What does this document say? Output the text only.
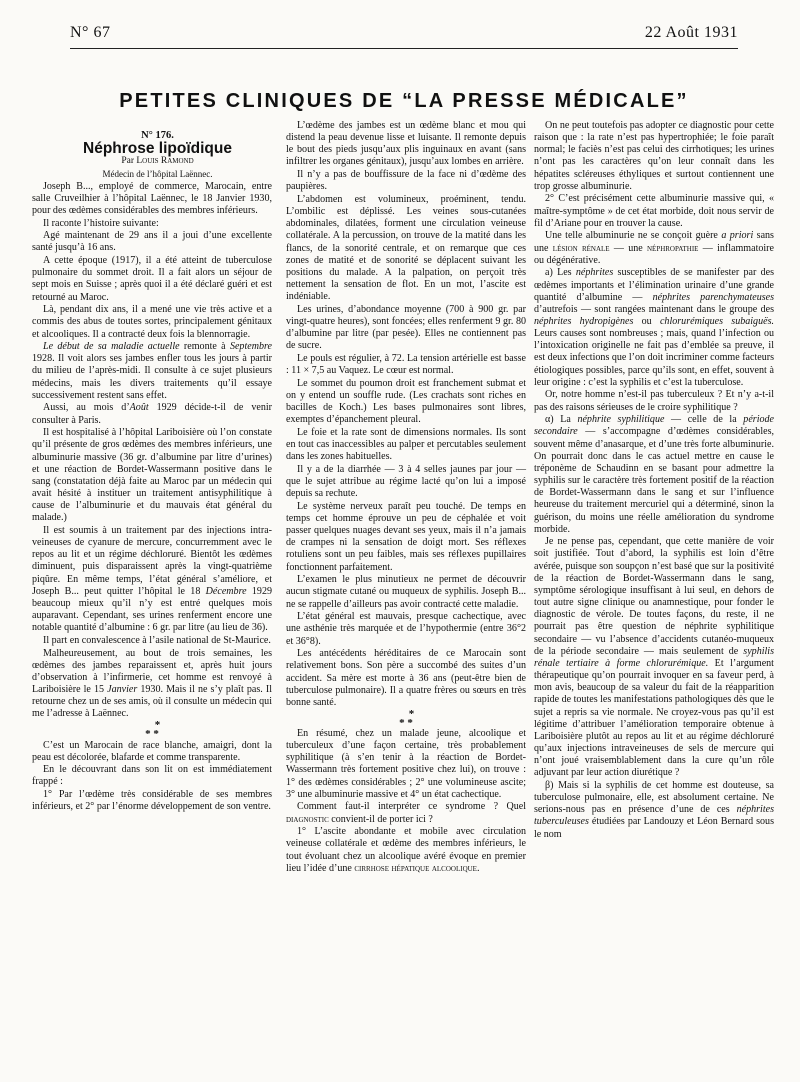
N° 67	22 Août 1931
PETITES CLINIQUES DE “LA PRESSE MÉDICALE”

N° 176.

Néphrose lipoïdique

Par Louis Ramond

Médecin de l’hôpital Laënnec.

Joseph B..., employé de commerce, Marocain, entre salle Cruveilhier à l’hôpital Laënnec, le 18 Janvier 1930, pour des œdèmes considérables des membres inférieurs.

Il raconte l’histoire suivante:

Agé maintenant de 29 ans il a joui d’une excellente santé jusqu’à 16 ans.

A cette époque (1917), il a été atteint de tuberculose pulmonaire du sommet droit. Il a fait alors un séjour de sept mois en Suisse ; après quoi il a été déclaré guéri et est retourné au Maroc.

Là, pendant dix ans, il a mené une vie très active et a commis des abus de toutes sortes, principalement génitaux et alcooliques. Il a contracté deux fois la blennorragie.

Le début de sa maladie actuelle remonte à Septembre 1928. Il voit alors ses jambes enfler tous les jours à partir du milieu de l’après-midi. Il consulte à ce sujet plusieurs médecins, mais les divers traitements qu’il essaye successivement restent sans effet.

Aussi, au mois d’Août 1929 décide-t-il de venir consulter à Paris.

Il est hospitalisé à l’hôpital Lariboisière où l’on constate qu’il présente de gros œdèmes des membres inférieurs, une albuminurie massive (36 gr. d’albumine par litre d’urines) et une réaction de Bordet-Wassermann positive dans le sang (constatation déjà faite au Maroc par un médecin qui avait hésité à instituer un traitement antisyphilitique à cause de l’albuminurie et du mauvais état général du malade.)

Il est soumis à un traitement par des injections intra-veineuses de cyanure de mercure, concurremment avec le repos au lit et un régime déchloruré. Bientôt les œdèmes diminuent, puis disparaissent après la vingt-quatrième piqûre. En même temps, l’état général s’améliore, et Joseph B... peut quitter l’hôpital le 18 Décembre 1929 beaucoup mieux qu’il n’y est entré quelques mois auparavant. Cependant, ses urines renferment encore une notable quantité d’albumine : 6 gr. par litre (au lieu de 36).

Il part en convalescence à l’asile national de St-Maurice.

Malheureusement, au bout de trois semaines, les œdèmes des jambes reparaissent et, après huit jours d’observation à l’infirmerie, cet homme est renvoyé à Lariboisière le 15 Janvier 1930. Mais il ne s’y plaît pas. Il retourne chez un de ses amis, où il consulte un médecin qui me l’adresse à Laënnec.

*
* *

C’est un Marocain de race blanche, amaigri, dont la peau est décolorée, blafarde et comme transparente.

En le découvrant dans son lit on est immédiatement frappé :

1° Par l’œdème très considérable de ses membres inférieurs, et 2° par l’énorme développement de son ventre.

L’œdème des jambes est un œdème blanc et mou qui distend la peau devenue lisse et luisante. Il remonte depuis le bout des pieds jusqu’aux plis inguinaux en avant (sans infiltrer les organes génitaux), jusqu’aux lombes en arrière.

Il n’y a pas de bouffissure de la face ni d’œdème des paupières.

L’abdomen est volumineux, proéminent, tendu. L’ombilic est déplissé. Les veines sous-cutanées abdominales, dilatées, forment une circulation veineuse collatérale. A la percussion, on trouve de la matité dans les flancs, de la sonorité centrale, et on remarque que ces zones de matité et de sonorité se déplacent suivant les positions du malade. A la palpation, on perçoit très nettement la sensation de flot. En un mot, l’ascite est indéniable.

Les urines, d’abondance moyenne (700 à 900 gr. par vingt-quatre heures), sont foncées; elles renferment 9 gr. 80 d’albumine par litre (par pesée). Elles ne contiennent pas de sucre.

Le pouls est régulier, à 72. La tension artérielle est basse : 11 × 7,5 au Vaquez. Le cœur est normal.

Le sommet du poumon droit est franchement submat et on y entend un souffle rude. (Les crachats sont riches en bacilles de Koch.) Les bases pulmonaires sont libres, exemptes d’épanchement pleural.

Le foie et la rate sont de dimensions normales. Ils sont en tout cas inaccessibles au palper et percutables seulement dans les zones habituelles.

Il y a de la diarrhée — 3 à 4 selles jaunes par jour — que le sujet attribue au régime lacté qu’on lui a imposé depuis sa rechute.

Le système nerveux paraît peu touché. De temps en temps cet homme éprouve un peu de céphalée et voit passer quelques nuages devant ses yeux, mais il n’a jamais de crampes ni la sensation de doigt mort. Ses réflexes rotuliens sont un peu faibles, mais ses réflexes pupillaires fonctionnent parfaitement.

L’examen le plus minutieux ne permet de découvrir aucun stigmate cutané ou muqueux de syphilis. Joseph B... ne se rappelle d’ailleurs pas avoir contracté cette maladie.

L’état général est mauvais, presque cachectique, avec une asthénie très marquée et de l’hypothermie (entre 36°2 et 36°8).

Les antécédents héréditaires de ce Marocain sont relativement bons. Son père a succombé des suites d’un accident. Sa mère est morte à 36 ans (peut-être bien de tuberculose pulmonaire). Il a quatre frères ou sœurs en très bonne santé.

*
* *

En résumé, chez un malade jeune, alcoolique et tuberculeux d’une façon certaine, très probablement syphilitique (à s’en tenir à la réaction de Bordet-Wassermann très fortement positive chez lui), on trouve : 1° des œdèmes considérables ; 2° une volumineuse ascite; 3° une albuminurie massive et 4° un état cachectique.

Comment faut-il interpréter ce syndrome ? Quel diagnostic convient-il de porter ici ?

1° L’ascite abondante et mobile avec circulation veineuse collatérale et œdème des membres inférieurs, le tout évoluant chez un alcoolique avéré évoque en premier lieu l’idée d’une cirrhose hépatique alcoolique.

On ne peut toutefois pas adopter ce diagnostic pour cette raison que : la rate n’est pas hypertrophiée; le foie paraît normal; le faciès n’est pas celui des cirrhotiques; les urines n’ont pas les caractères qu’on leur connaît dans les hépatites scléreuses éthyliques et surtout contiennent une trop grosse albuminurie.

2° C’est précisément cette albuminurie massive qui, « maître-symptôme » de cet état morbide, doit nous servir de fil d’Ariane pour en trouver la cause.

Une telle albuminurie ne se conçoit guère a priori sans une lésion rénale — une néphropathie — inflammatoire ou dégénérative.

a) Les néphrites susceptibles de se manifester par des œdèmes importants et l’élimination urinaire d’une grande quantité d’albumine — néphrites parenchymateuses d’autrefois — sont rangées maintenant dans le groupe des néphrites hydropigènes ou chlorurémiques subaiguës. Leurs causes sont nombreuses ; mais, quand l’infection ou l’intoxication originelle ne fait pas d’emblée sa preuve, il est deux infections que l’on doit incriminer comme facteurs étiologiques possibles, parce qu’ils sont, en effet, souvent à leur origine : c’est la syphilis et c’est la tuberculose.

Or, notre homme n’est-il pas tuberculeux ? Et n’y a-t-il pas des raisons sérieuses de le croire syphilitique ?

α) La néphrite syphilitique — celle de la période secondaire — s’accompagne d’œdèmes considérables, souvent même d’anasarque, et d’une très forte albuminurie. On pourrait donc dans le cas actuel mettre en cause le tréponème de Schaudinn en se basant pour admettre la syphilis sur le caractère très fortement positif de la réaction de Bordet-Wassermann dans le sang et sur l’influence heureuse du traitement mercuriel qui a déterminé, sinon la guérison, du moins une réelle amélioration du syndrome morbide.

Je ne pense pas, cependant, que cette manière de voir soit justifiée. Tout d’abord, la syphilis est loin d’être avérée, puisque son soupçon n’est basé que sur la positivité de la réaction de Bordet-Wassermann dans le sang, symptôme sérologique insuffisant à lui seul, en dehors de tout autre signe clinique ou anamnestique, pour fonder le diagnostic de vérole. De toutes façons, du reste, il ne pourrait pas être question de néphrite syphilitique secondaire — vu l’absence d’accidents cutanéo-muqueux de la période secondaire — mais seulement de syphilis rénale tertiaire à forme chlorurémique. Et l’argument thérapeutique qu’on pourrait invoquer en sa faveur perd, à mon avis, beaucoup de sa valeur du fait de la réapparition rapide de toutes les manifestations pathologiques dès que le sujet a repris sa vie normale. Ne croyez-vous pas qu’il est légitime d’attribuer l’amélioration temporaire obtenue à Lariboisière plutôt au repos au lit et au régime déchloruré qu’aux injections intraveineuses de sels de mercure qui n’ont joué vraisemblablement dans la cure qu’un rôle adjuvant par leur action diurétique ?

β) Mais si la syphilis de cet homme est douteuse, sa tuberculose pulmonaire, elle, est absolument certaine. Ne serions-nous pas en présence d’une de ces néphrites tuberculeuses étudiées par Landouzy et Léon Bernard sous le nom
